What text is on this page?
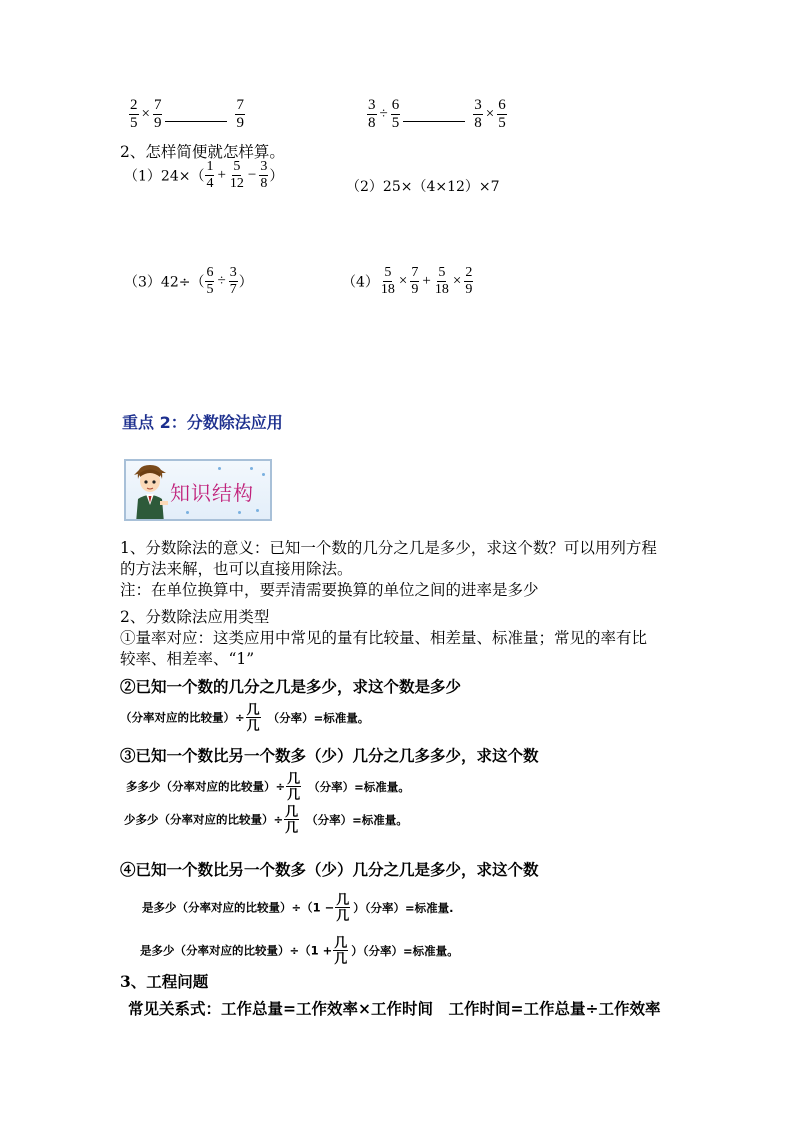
$\frac{2}{5} \times \frac{7}{9}$	$\frac{7}{9}$	$\frac{3}{8} \div \frac{6}{5}$	$\frac{3}{8} \times \frac{6}{5}$
2、怎样简便就怎样算。
$(1)24\times( \frac{1}{4} + \frac{5}{12} - \frac{3}{8}$ ）
（2）25×（4×12）×7
$(3)42\div( \frac{6}{5} \div \frac{3}{7}$ ）	$(4) \frac{5}{18} \times \frac{7}{9} + \frac{5}{18} \times \frac{2}{9}$
重点 2：分数除法应用
知识结构
1、分数除法的意义：已知一个数的几分之几是多少，求这个数？可以用列方程
的方法来解，也可以直接用除法。
注：在单位换算中，要弄清需要换算的单位之间的进率是多少
2、分数除法应用类型
①量率对应：这类应用中常见的量有比较量、相差量、标准量；常见的率有比
较率、相差率、“1”
②已知一个数的几分之几是多少，求这个数是多少
（分率对应的比较量）÷ $\frac{\text{几}}{\text{几}}$ （分率）=标准量。
③已知一个数比另一个数多（少）几分之几多多少，求这个数
多多少（分率对应的比较量）÷ $\frac{\text{几}}{\text{几}}$ （分率）=标准量。
少多少（分率对应的比较量）÷ $\frac{\text{几}}{\text{几}}$ （分率）=标准量。
④已知一个数比另一个数多（少）几分之几是多少，求这个数
是多少（分率对应的比较量）$\div(1 - \frac{\text{几}}{\text{几}}$ ）（分率）=标准量.
是多少（分率对应的比较量）$\div(1 + \frac{\text{几}}{\text{几}}$ ）（分率）=标准量。
3、工程问题
常见关系式：工作总量=工作效率×工作时间　工作时间=工作总量÷工作效率
